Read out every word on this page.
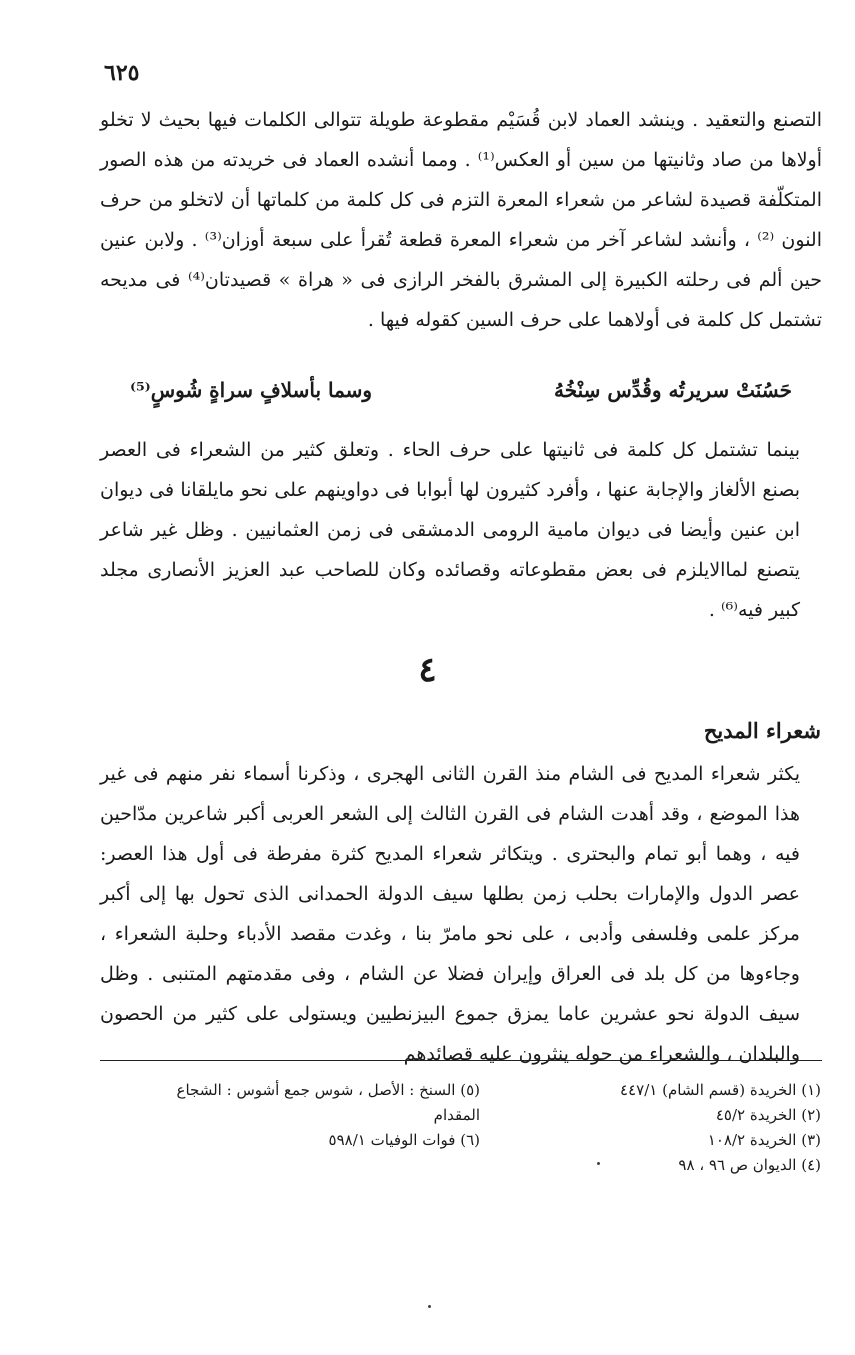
٦٢٥

التصنع والتعقيد . وينشد العماد لابن قُسَيْم مقطوعة طويلة تتوالى الكلمات فيها بحيث لا تخلو أولاها من صاد وثانيتها من سين أو العكس⁽¹⁾ . ومما أنشده العماد فى خريدته من هذه الصور المتكلّفة قصيدة لشاعر من شعراء المعرة التزم فى كل كلمة من كلماتها أن لاتخلو من حرف النون ⁽²⁾ ، وأنشد لشاعر آخر من شعراء المعرة قطعة تُقرأ على سبعة أوزان⁽³⁾ . ولابن عنين حين ألم فى رحلته الكبيرة إلى المشرق بالفخر الرازى فى « هراة » قصيدتان⁽⁴⁾ فى مديحه تشتمل كل كلمة فى أولاهما على حرف السين كقوله فيها .

حَسُنَتْ سريرتُه وقُدِّس سِنْخُهُ
وسما بأسلافٍ سراةٍ شُوسٍ⁽⁵⁾

بينما تشتمل كل كلمة فى ثانيتها على حرف الحاء . وتعلق كثير من الشعراء فى العصر بصنع الألغاز والإجابة عنها ، وأفرد كثيرون لها أبوابا فى دواوينهم على نحو مايلقانا فى ديوان ابن عنين وأيضا فى ديوان مامية الرومى الدمشقى فى زمن العثمانيين . وظل غير شاعر يتصنع لماالايلزم فى بعض مقطوعاته وقصائده وكان للصاحب عبد العزيز الأنصارى مجلد كبير فيه⁽⁶⁾ .

٤
شعراء المديح

يكثر شعراء المديح فى الشام منذ القرن الثانى الهجرى ، وذكرنا أسماء نفر منهم فى غير هذا الموضع ، وقد أهدت الشام فى القرن الثالث إلى الشعر العربى أكبر شاعرين مدّاحين فيه ، وهما أبو تمام والبحترى . ويتكاثر شعراء المديح كثرة مفرطة فى أول هذا العصر: عصر الدول والإمارات بحلب زمن بطلها سيف الدولة الحمدانى الذى تحول بها إلى أكبر مركز علمى وفلسفى وأدبى ، على نحو مامرّ بنا ، وغدت مقصد الأدباء وحلبة الشعراء ، وجاءوها من كل بلد فى العراق وإيران فضلا عن الشام ، وفى مقدمتهم المتنبى . وظل سيف الدولة نحو عشرين عاما يمزق جموع البيزنطيين ويستولى على كثير من الحصون والبلدان ، والشعراء من حوله ينثرون عليه قصائدهم

(١) الخريدة (قسم الشام) ٤٤٧/١
(٢) الخريدة ٤٥/٢
(٣) الخريدة ١٠٨/٢
(٤) الديوان ص ٩٦ ، ٩٨
(٥) السنخ : الأصل ، شوس جمع أشوس : الشجاع المقدام
(٦) فوات الوفيات ٥٩٨/١
